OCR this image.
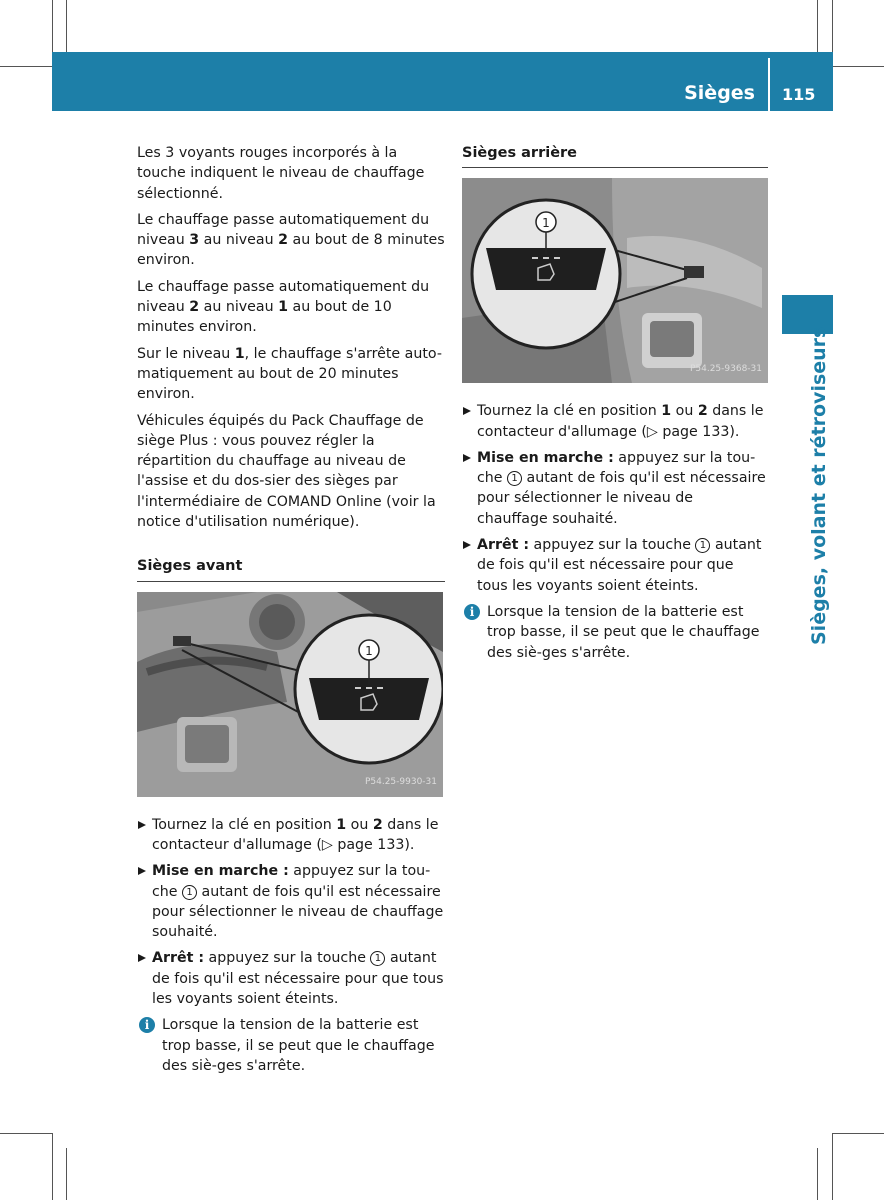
Sièges 115
Sièges, volant et rétroviseurs

Les 3 voyants rouges incorporés à la touche indiquent le niveau de chauffage sélectionné.

Le chauffage passe automatiquement du niveau 3 au niveau 2 au bout de 8 minutes environ.

Le chauffage passe automatiquement du niveau 2 au niveau 1 au bout de 10 minutes environ.

Sur le niveau 1, le chauffage s'arrête auto-matiquement au bout de 20 minutes environ.

Véhicules équipés du Pack Chauffage de siège Plus : vous pouvez régler la répartition du chauffage au niveau de l'assise et du dos-sier des sièges par l'intermédiaire de COMAND Online (voir la notice d'utilisation numérique).

Sièges avant
1
P54.25-9930-31
Tournez la clé en position 1 ou 2 dans le contacteur d'allumage (▷ page 133).
Mise en marche : appuyez sur la tou-che 1 autant de fois qu'il est nécessaire pour sélectionner le niveau de chauffage souhaité.
Arrêt : appuyez sur la touche 1 autant de fois qu'il est nécessaire pour que tous les voyants soient éteints.
i Lorsque la tension de la batterie est trop basse, il se peut que le chauffage des siè-ges s'arrête.
Sièges arrière
1
P54.25-9368-31
Tournez la clé en position 1 ou 2 dans le contacteur d'allumage (▷ page 133).
Mise en marche : appuyez sur la tou-che 1 autant de fois qu'il est nécessaire pour sélectionner le niveau de chauffage souhaité.
Arrêt : appuyez sur la touche 1 autant de fois qu'il est nécessaire pour que tous les voyants soient éteints.
i Lorsque la tension de la batterie est trop basse, il se peut que le chauffage des siè-ges s'arrête.
